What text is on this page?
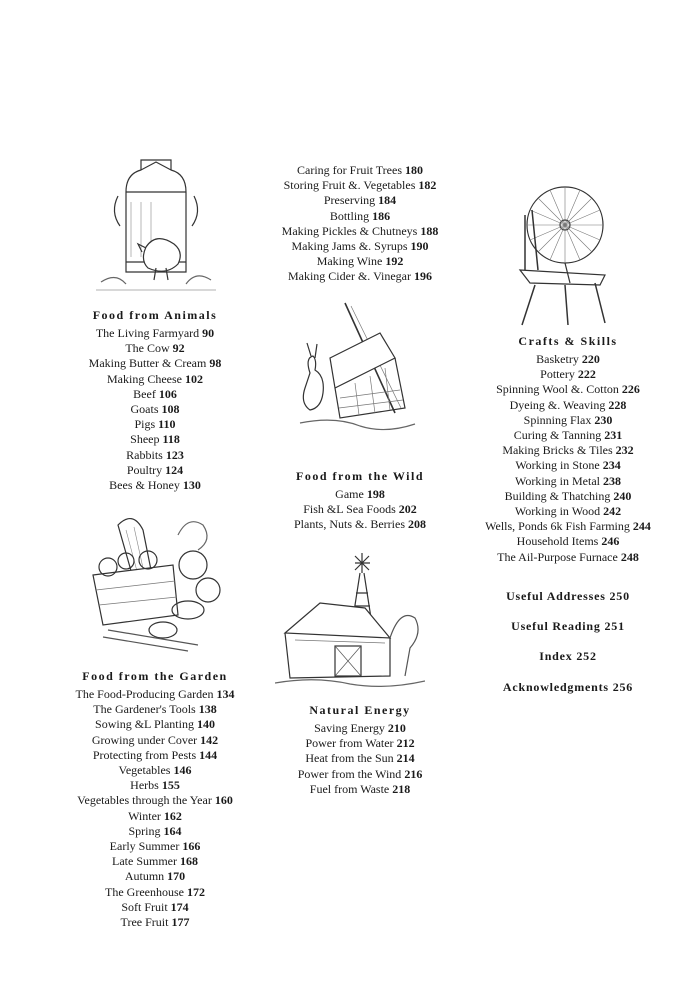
Food from Animals
The Living Farmyard 90
The Cow 92
Making Butter & Cream 98
Making Cheese 102
Beef 106
Goats 108
Pigs 110
Sheep 118
Rabbits 123
Poultry 124
Bees & Honey 130
Food from the Garden
The Food-Producing Garden 134
The Gardener's Tools 138
Sowing &L Planting 140
Growing under Cover 142
Protecting from Pests 144
Vegetables 146
Herbs 155
Vegetables through the Year 160
Winter 162
Spring 164
Early Summer 166
Late Summer 168
Autumn 170
The Greenhouse 172
Soft Fruit 174
Tree Fruit 177
Caring for Fruit Trees 180
Storing Fruit &. Vegetables 182
Preserving 184
Bottling 186
Making Pickles & Chutneys 188
Making Jams &. Syrups 190
Making Wine 192
Making Cider &. Vinegar 196
Food from the Wild
Game 198
Fish &L Sea Foods 202
Plants, Nuts &. Berries 208
Natural Energy
Saving Energy 210
Power from Water 212
Heat from the Sun 214
Power from the Wind 216
Fuel from Waste 218
Crafts & Skills
Basketry 220
Pottery 222
Spinning Wool &. Cotton 226
Dyeing &. Weaving 228
Spinning Flax 230
Curing & Tanning 231
Making Bricks & Tiles 232
Working in Stone 234
Working in Metal 238
Building & Thatching 240
Working in Wood 242
Wells, Ponds 6k Fish Farming 244
Household Items 246
The Ail-Purpose Furnace 248
Useful Addresses 250
Useful Reading 251
Index 252
Acknowledgments 256
